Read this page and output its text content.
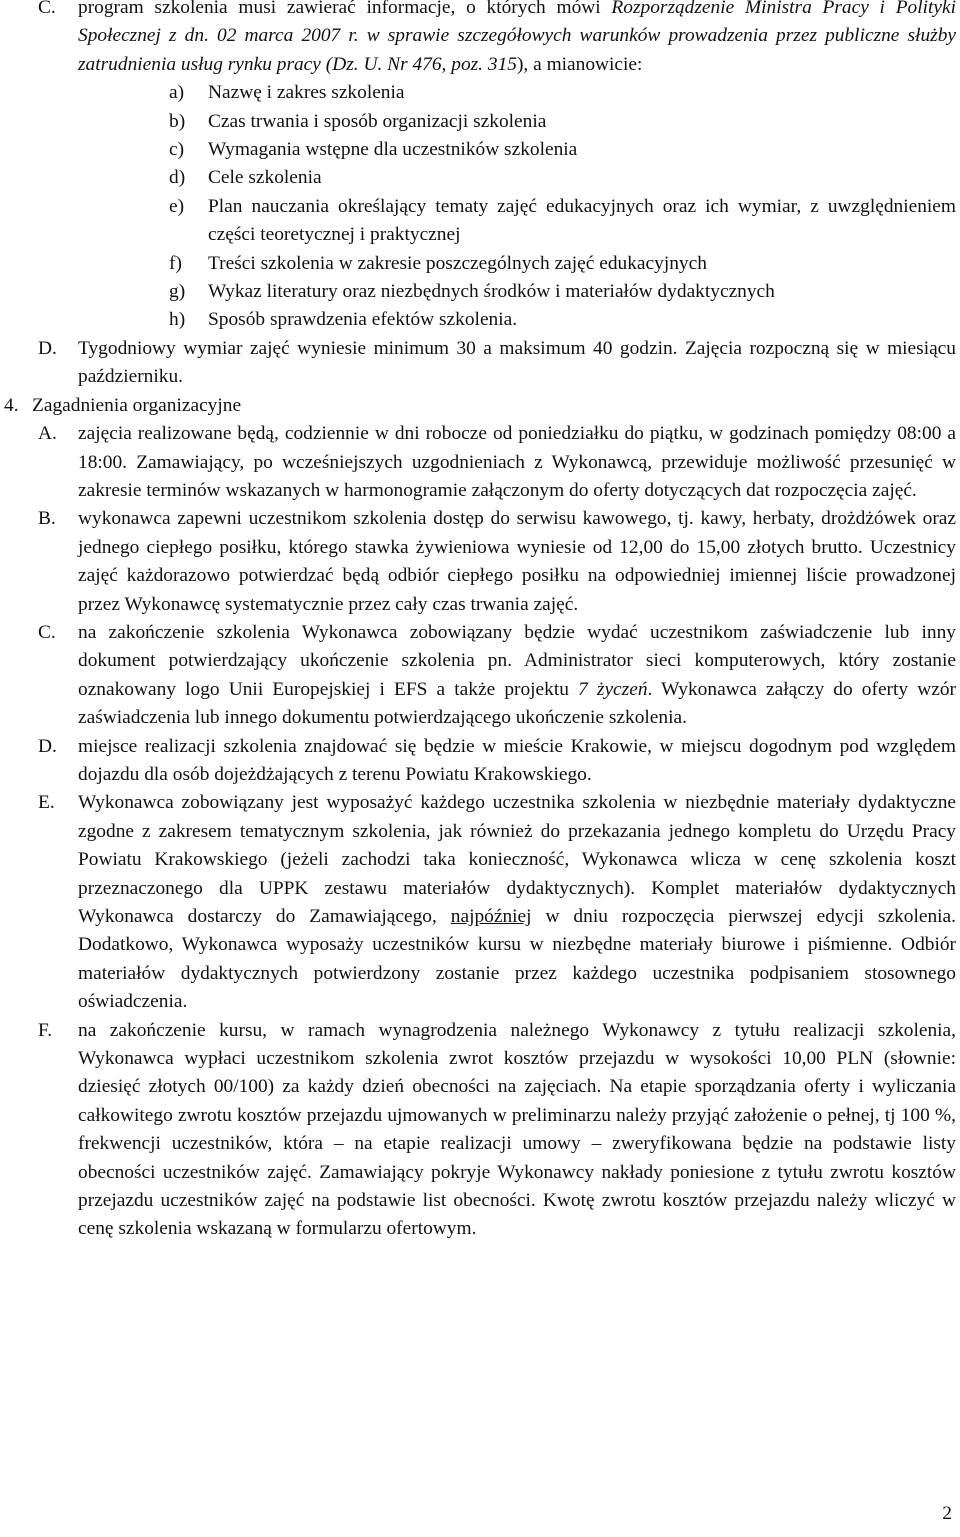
C. program szkolenia musi zawierać informacje, o których mówi Rozporządzenie Ministra Pracy i Polityki Społecznej z dn. 02 marca 2007 r. w sprawie szczegółowych warunków prowadzenia przez publiczne służby zatrudnienia usług rynku pracy (Dz. U. Nr 476, poz. 315), a mianowicie:
a) Nazwę i zakres szkolenia
b) Czas trwania i sposób organizacji szkolenia
c) Wymagania wstępne dla uczestników szkolenia
d) Cele szkolenia
e) Plan nauczania określający tematy zajęć edukacyjnych oraz ich wymiar, z uwzględnieniem części teoretycznej i praktycznej
f) Treści szkolenia w zakresie poszczególnych zajęć edukacyjnych
g) Wykaz literatury oraz niezbędnych środków i materiałów dydaktycznych
h) Sposób sprawdzenia efektów szkolenia.
D. Tygodniowy wymiar zajęć wyniesie minimum 30 a maksimum 40 godzin. Zajęcia rozpoczną się w miesiącu październiku.
4. Zagadnienia organizacyjne
A. zajęcia realizowane będą, codziennie w dni robocze od poniedziałku do piątku, w godzinach pomiędzy 08:00 a 18:00. Zamawiający, po wcześniejszych uzgodnieniach z Wykonawcą, przewiduje możliwość przesunięć w zakresie terminów wskazanych w harmonogramie załączonym do oferty dotyczących dat rozpoczęcia zajęć.
B. wykonawca zapewni uczestnikom szkolenia dostęp do serwisu kawowego, tj. kawy, herbaty, drożdżówek oraz jednego ciepłego posiłku, którego stawka żywieniowa wyniesie od 12,00 do 15,00 złotych brutto. Uczestnicy zajęć każdorazowo potwierdzać będą odbiór ciepłego posiłku na odpowiedniej imiennej liście prowadzonej przez Wykonawcę systematycznie przez cały czas trwania zajęć.
C. na zakończenie szkolenia Wykonawca zobowiązany będzie wydać uczestnikom zaświadczenie lub inny dokument potwierdzający ukończenie szkolenia pn. Administrator sieci komputerowych, który zostanie oznakowany logo Unii Europejskiej i EFS a także projektu 7 życzeń. Wykonawca załączy do oferty wzór zaświadczenia lub innego dokumentu potwierdzającego ukończenie szkolenia.
D. miejsce realizacji szkolenia znajdować się będzie w mieście Krakowie, w miejscu dogodnym pod względem dojazdu dla osób dojeżdżających z terenu Powiatu Krakowskiego.
E. Wykonawca zobowiązany jest wyposażyć każdego uczestnika szkolenia w niezbędnie materiały dydaktyczne zgodne z zakresem tematycznym szkolenia, jak również do przekazania jednego kompletu do Urzędu Pracy Powiatu Krakowskiego (jeżeli zachodzi taka konieczność, Wykonawca wlicza w cenę szkolenia koszt przeznaczonego dla UPPK zestawu materiałów dydaktycznych). Komplet materiałów dydaktycznych Wykonawca dostarczy do Zamawiającego, najpóźniej w dniu rozpoczęcia pierwszej edycji szkolenia. Dodatkowo, Wykonawca wyposaży uczestników kursu w niezbędne materiały biurowe i piśmienne. Odbiór materiałów dydaktycznych potwierdzony zostanie przez każdego uczestnika podpisaniem stosownego oświadczenia.
F. na zakończenie kursu, w ramach wynagrodzenia należnego Wykonawcy z tytułu realizacji szkolenia, Wykonawca wypłaci uczestnikom szkolenia zwrot kosztów przejazdu w wysokości 10,00 PLN (słownie: dziesięć złotych 00/100) za każdy dzień obecności na zajęciach. Na etapie sporządzania oferty i wyliczania całkowitego zwrotu kosztów przejazdu ujmowanych w preliminarzu należy przyjąć założenie o pełnej, tj 100 %, frekwencji uczestników, która – na etapie realizacji umowy – zweryfikowana będzie na podstawie listy obecności uczestników zajęć. Zamawiający pokryje Wykonawcy nakłady poniesione z tytułu zwrotu kosztów przejazdu uczestników zajęć na podstawie list obecności. Kwotę zwrotu kosztów przejazdu należy wliczyć w cenę szkolenia wskazaną w formularzu ofertowym.
2
